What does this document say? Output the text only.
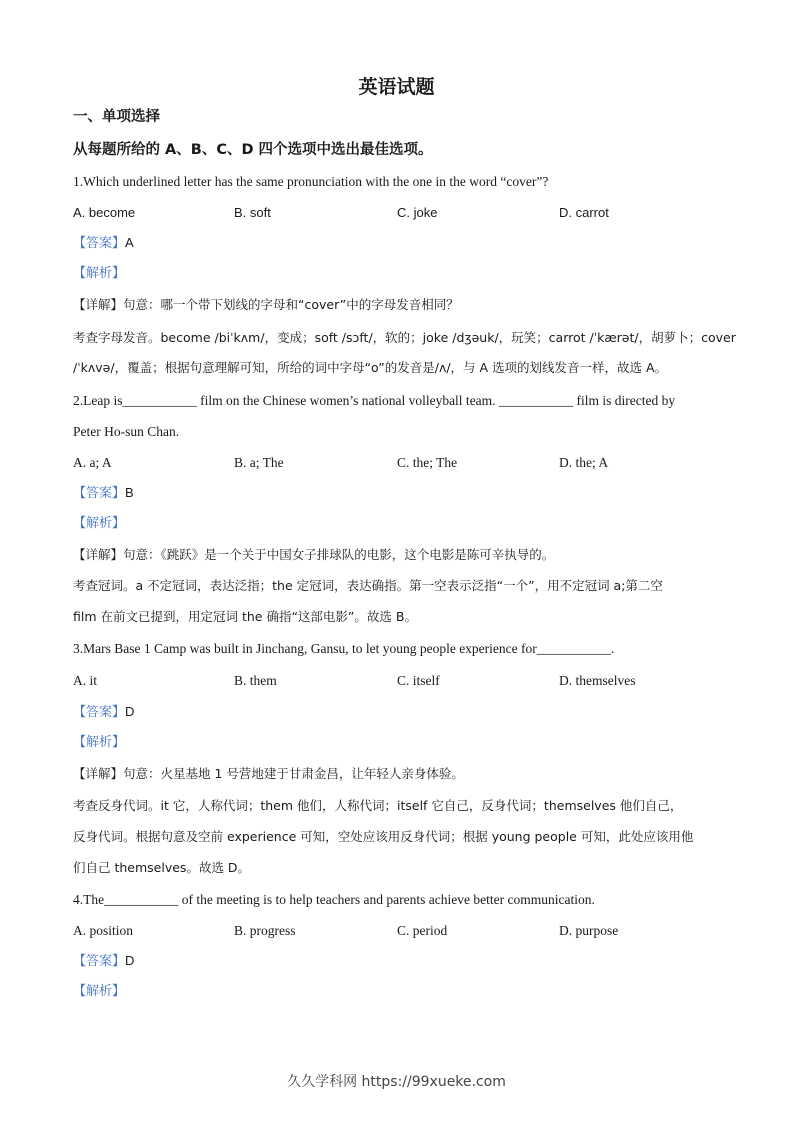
英语试题
一、单项选择
从每题所给的 A、B、C、D 四个选项中选出最佳选项。
1.Which underlined letter has the same pronunciation with the one in the word “cover”?
A. become	B. soft	C. joke	D. carrot
【答案】A
【解析】
【详解】句意：哪一个带下划线的字母和“cover”中的字母发音相同？
考查字母发音。become /biˈkʌm/，变成；soft /sɔft/，软的；joke /dʒəuk/，玩笑；carrot /ˈkærət/，胡萝卜；cover
/ˈkʌvə/，覆盖；根据句意理解可知，所给的词中字母“o”的发音是/ʌ/，与 A 选项的划线发音一样，故选 A。
2.Leap is___________ film on the Chinese women’s national volleyball team. ___________ film is directed by
Peter Ho-sun Chan.
A. a; A	B. a; The	C. the; The	D. the; A
【答案】B
【解析】
【详解】句意：《跳跃》是一个关于中国女子排球队的电影，这个电影是陈可辛执导的。
考查冠词。a 不定冠词，表达泛指；the 定冠词，表达确指。第一空表示泛指“一个”，用不定冠词 a;第二空
film 在前文已提到，用定冠词 the 确指“这部电影”。故选 B。
3.Mars Base 1 Camp was built in Jinchang, Gansu, to let young people experience for___________.
A. it	B. them	C. itself	D. themselves
【答案】D
【解析】
【详解】句意：火星基地 1 号营地建于甘肃金昌，让年轻人亲身体验。
考查反身代词。it 它，人称代词；them 他们，人称代词；itself 它自己，反身代词；themselves 他们自己，
反身代词。根据句意及空前 experience 可知，空处应该用反身代词；根据 young people 可知，此处应该用他
们自己 themselves。故选 D。
4.The___________ of the meeting is to help teachers and parents achieve better communication.
A. position	B. progress	C. period	D. purpose
【答案】D
【解析】
久久学科网 https://99xueke.com
